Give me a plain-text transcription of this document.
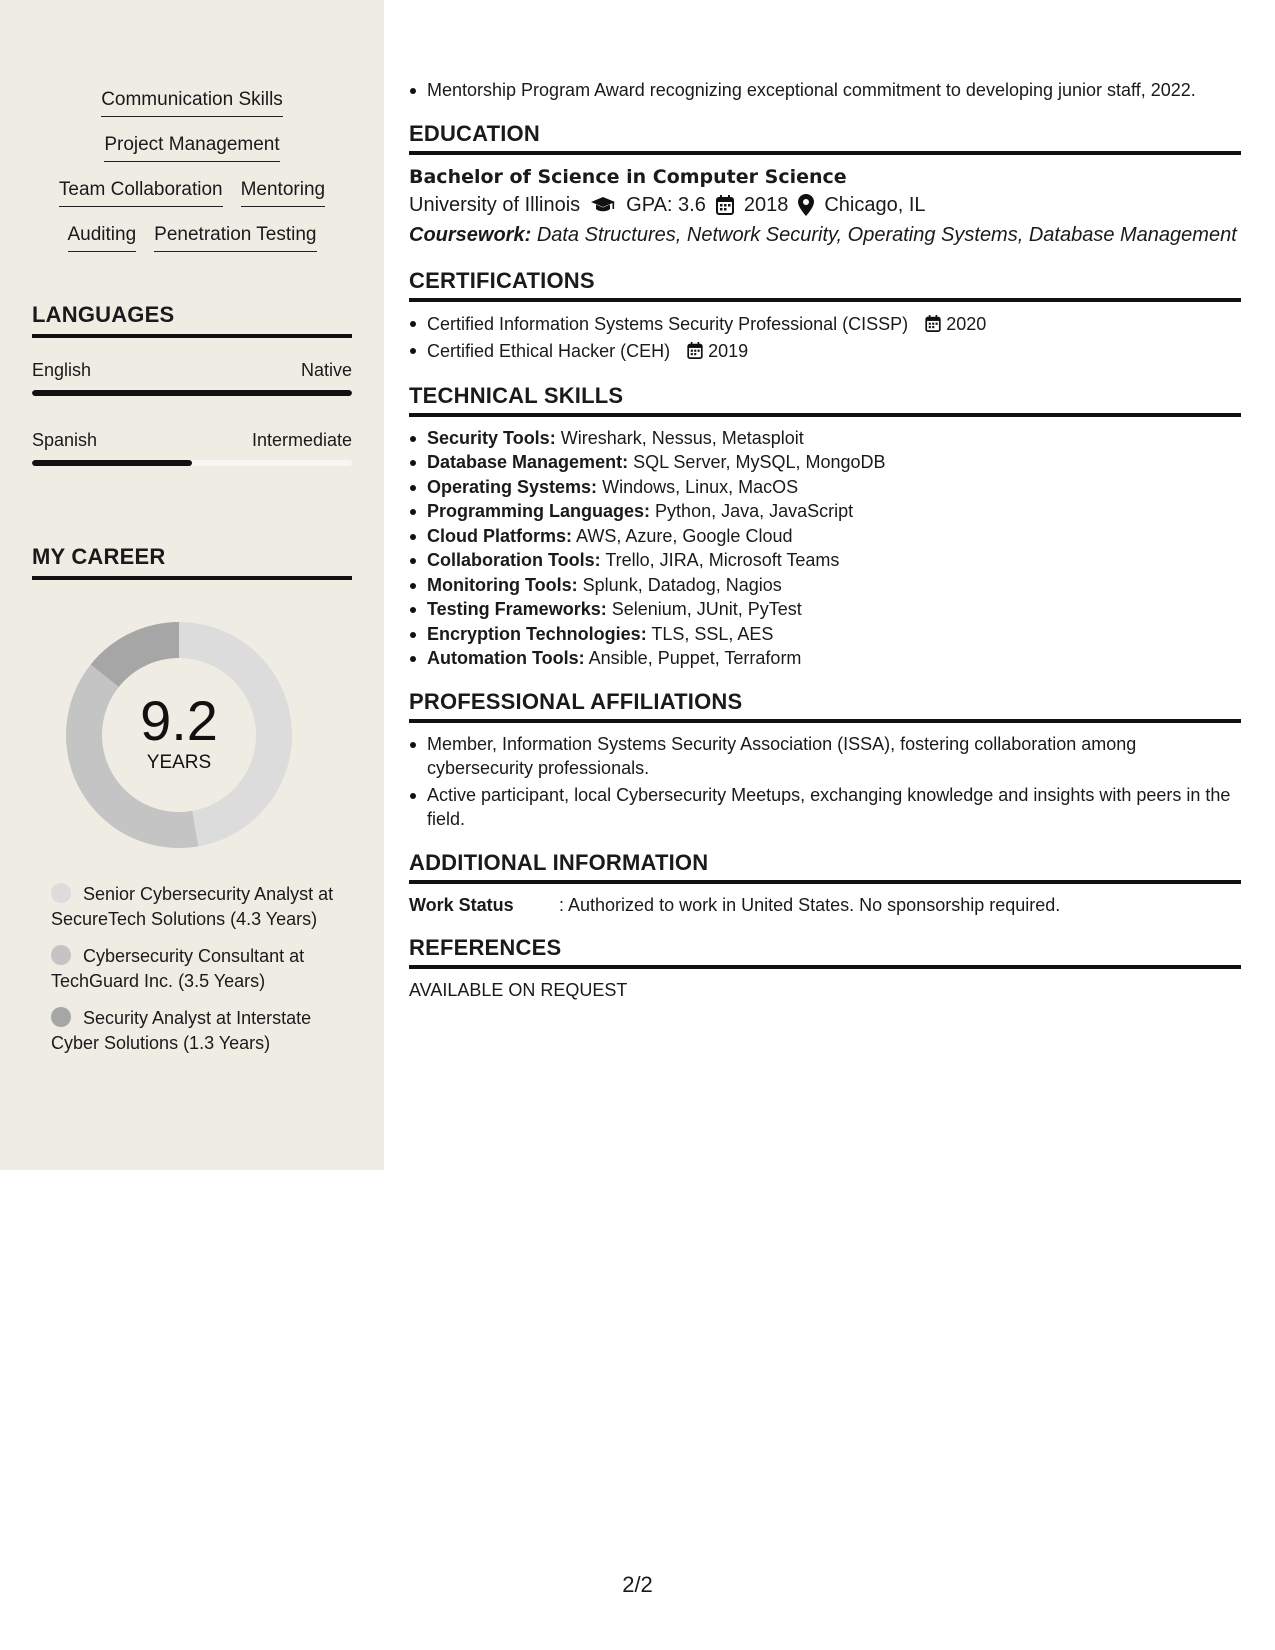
Communication Skills
Project Management
Team Collaboration Mentoring
Auditing Penetration Testing
LANGUAGES
English	Native
Spanish	Intermediate
MY CAREER
9.2
YEARS
Senior Cybersecurity Analyst at SecureTech Solutions (4.3 Years)
Cybersecurity Consultant at TechGuard Inc. (3.5 Years)
Security Analyst at Interstate Cyber Solutions (1.3 Years)
Mentorship Program Award recognizing exceptional commitment to developing junior staff, 2022.
EDUCATION
Bachelor of Science in Computer Science
University of Illinois GPA: 3.6 2018 Chicago, IL
Coursework: Data Structures, Network Security, Operating Systems, Database Management
CERTIFICATIONS
Certified Information Systems Security Professional (CISSP) 2020
Certified Ethical Hacker (CEH) 2019
TECHNICAL SKILLS
Security Tools: Wireshark, Nessus, Metasploit
Database Management: SQL Server, MySQL, MongoDB
Operating Systems: Windows, Linux, MacOS
Programming Languages: Python, Java, JavaScript
Cloud Platforms: AWS, Azure, Google Cloud
Collaboration Tools: Trello, JIRA, Microsoft Teams
Monitoring Tools: Splunk, Datadog, Nagios
Testing Frameworks: Selenium, JUnit, PyTest
Encryption Technologies: TLS, SSL, AES
Automation Tools: Ansible, Puppet, Terraform
PROFESSIONAL AFFILIATIONS
Member, Information Systems Security Association (ISSA), fostering collaboration among cybersecurity professionals.
Active participant, local Cybersecurity Meetups, exchanging knowledge and insights with peers in the field.
ADDITIONAL INFORMATION
Work Status	: Authorized to work in United States. No sponsorship required.
REFERENCES
AVAILABLE ON REQUEST
2/2
